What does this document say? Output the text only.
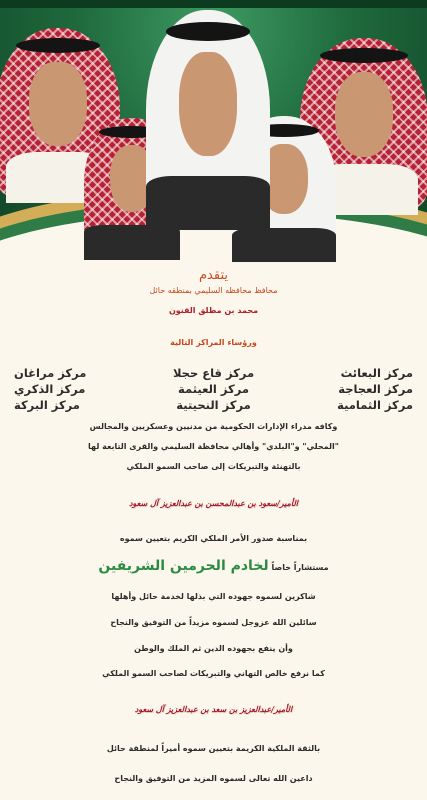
يتقدم
محافظ محافظه السليمي بمنطقه حائل
محمد بن مطلق القنون
ورؤساء المراكز التالية
مركز البعائث
مركز العجاجة
مركز الثمامية
مركز قاع حجلا
مركز العيثمة
مركز النحيتية
مركز مراغان
مركز الذكري
مركز البركة
وكافه مدراء الإدارات الحكومية من مدنيين وعسكريين والمجالس
"المحلي" و"البلدي" وأهالي محافظة السليمي والقرى التابعة لها
بالتهنئة والتبريكات إلى صاحب السمو الملكي
الأمير/سعود بن عبدالمحسن بن عبدالعزيز آل سعود
بمناسبة صدور الأمر الملكي الكريم بتعيين سموه
مستشاراً خاصاً لخادم الحرمين الشريفين
شاكرين لسموه جهوده التي بذلها لخدمة حائل وأهلها
سائلين الله عزوجل لسموه مزيداً من التوفيق والنجاح
وأن ينفع بجهوده الدين ثم الملك والوطن
كما نرفع خالص التهاني والتبريكات لصاحب السمو الملكي
الأمير/عبدالعزيز بن سعد بن عبدالعزيز آل سعود
بالثقة الملكية الكريمة بتعيين سموه أميراً لمنطقة حائل
داعين الله تعالى لسموه المزيد من التوفيق والنجاح
